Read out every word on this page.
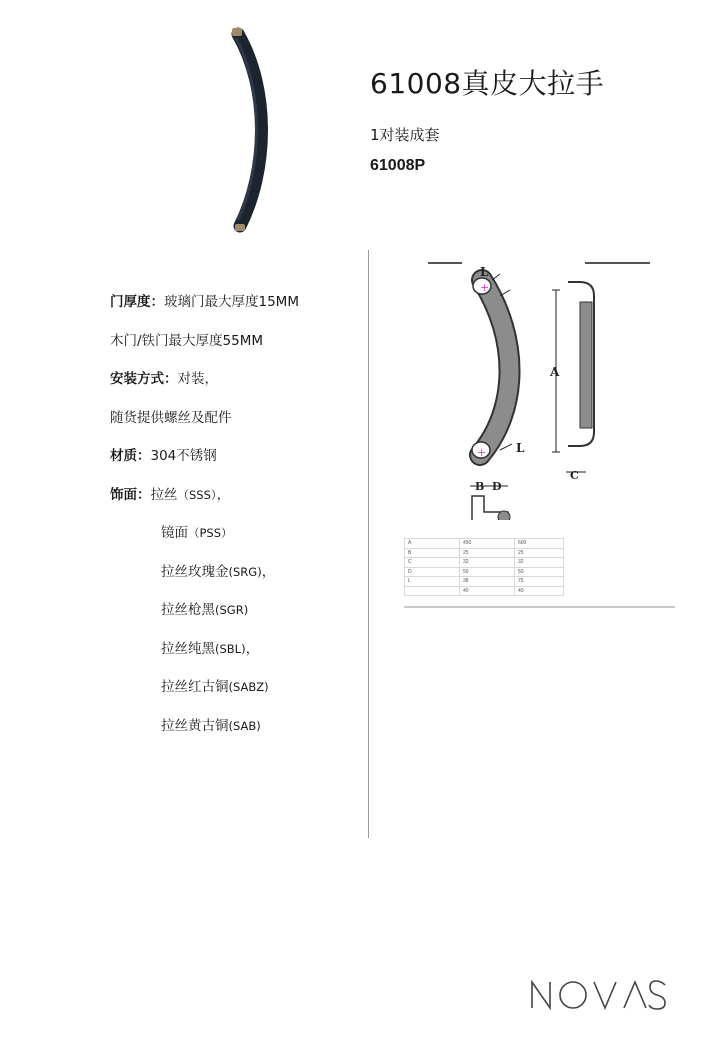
61008真皮大拉手

1对装成套

61008P

门厚度：玻璃门最大厚度15MM
木门/铁门最大厚度55MM
安装方式：对装，
随货提供螺丝及配件
材质：304不锈钢
饰面：拉丝（SSS），
镜面（PSS）
拉丝玫瑰金(SRG)，
拉丝枪黑(SGR)
拉丝纯黑(SBL)，
拉丝红古铜(SABZ)
拉丝黄古铜(SAB)
+
+
L
L
A
C
B D
A	450	600
B	25	25
C	32	32
D	50	50
L	38	75
	40	40
